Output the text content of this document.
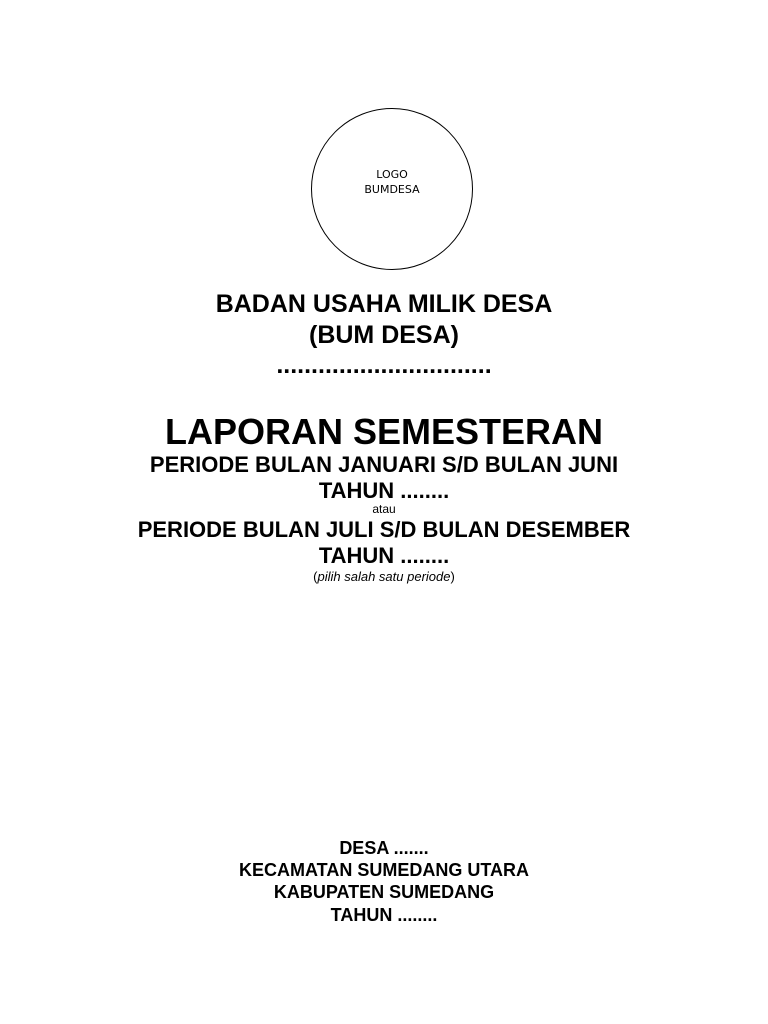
LOGO
BUMDESA
BADAN USAHA MILIK DESA
(BUM DESA)
...............................
LAPORAN SEMESTERAN
PERIODE BULAN JANUARI S/D BULAN JUNI
TAHUN ........
atau
PERIODE BULAN JULI S/D BULAN DESEMBER
TAHUN ........
(pilih salah satu periode)
DESA .......
KECAMATAN SUMEDANG UTARA
KABUPATEN SUMEDANG
TAHUN ........
